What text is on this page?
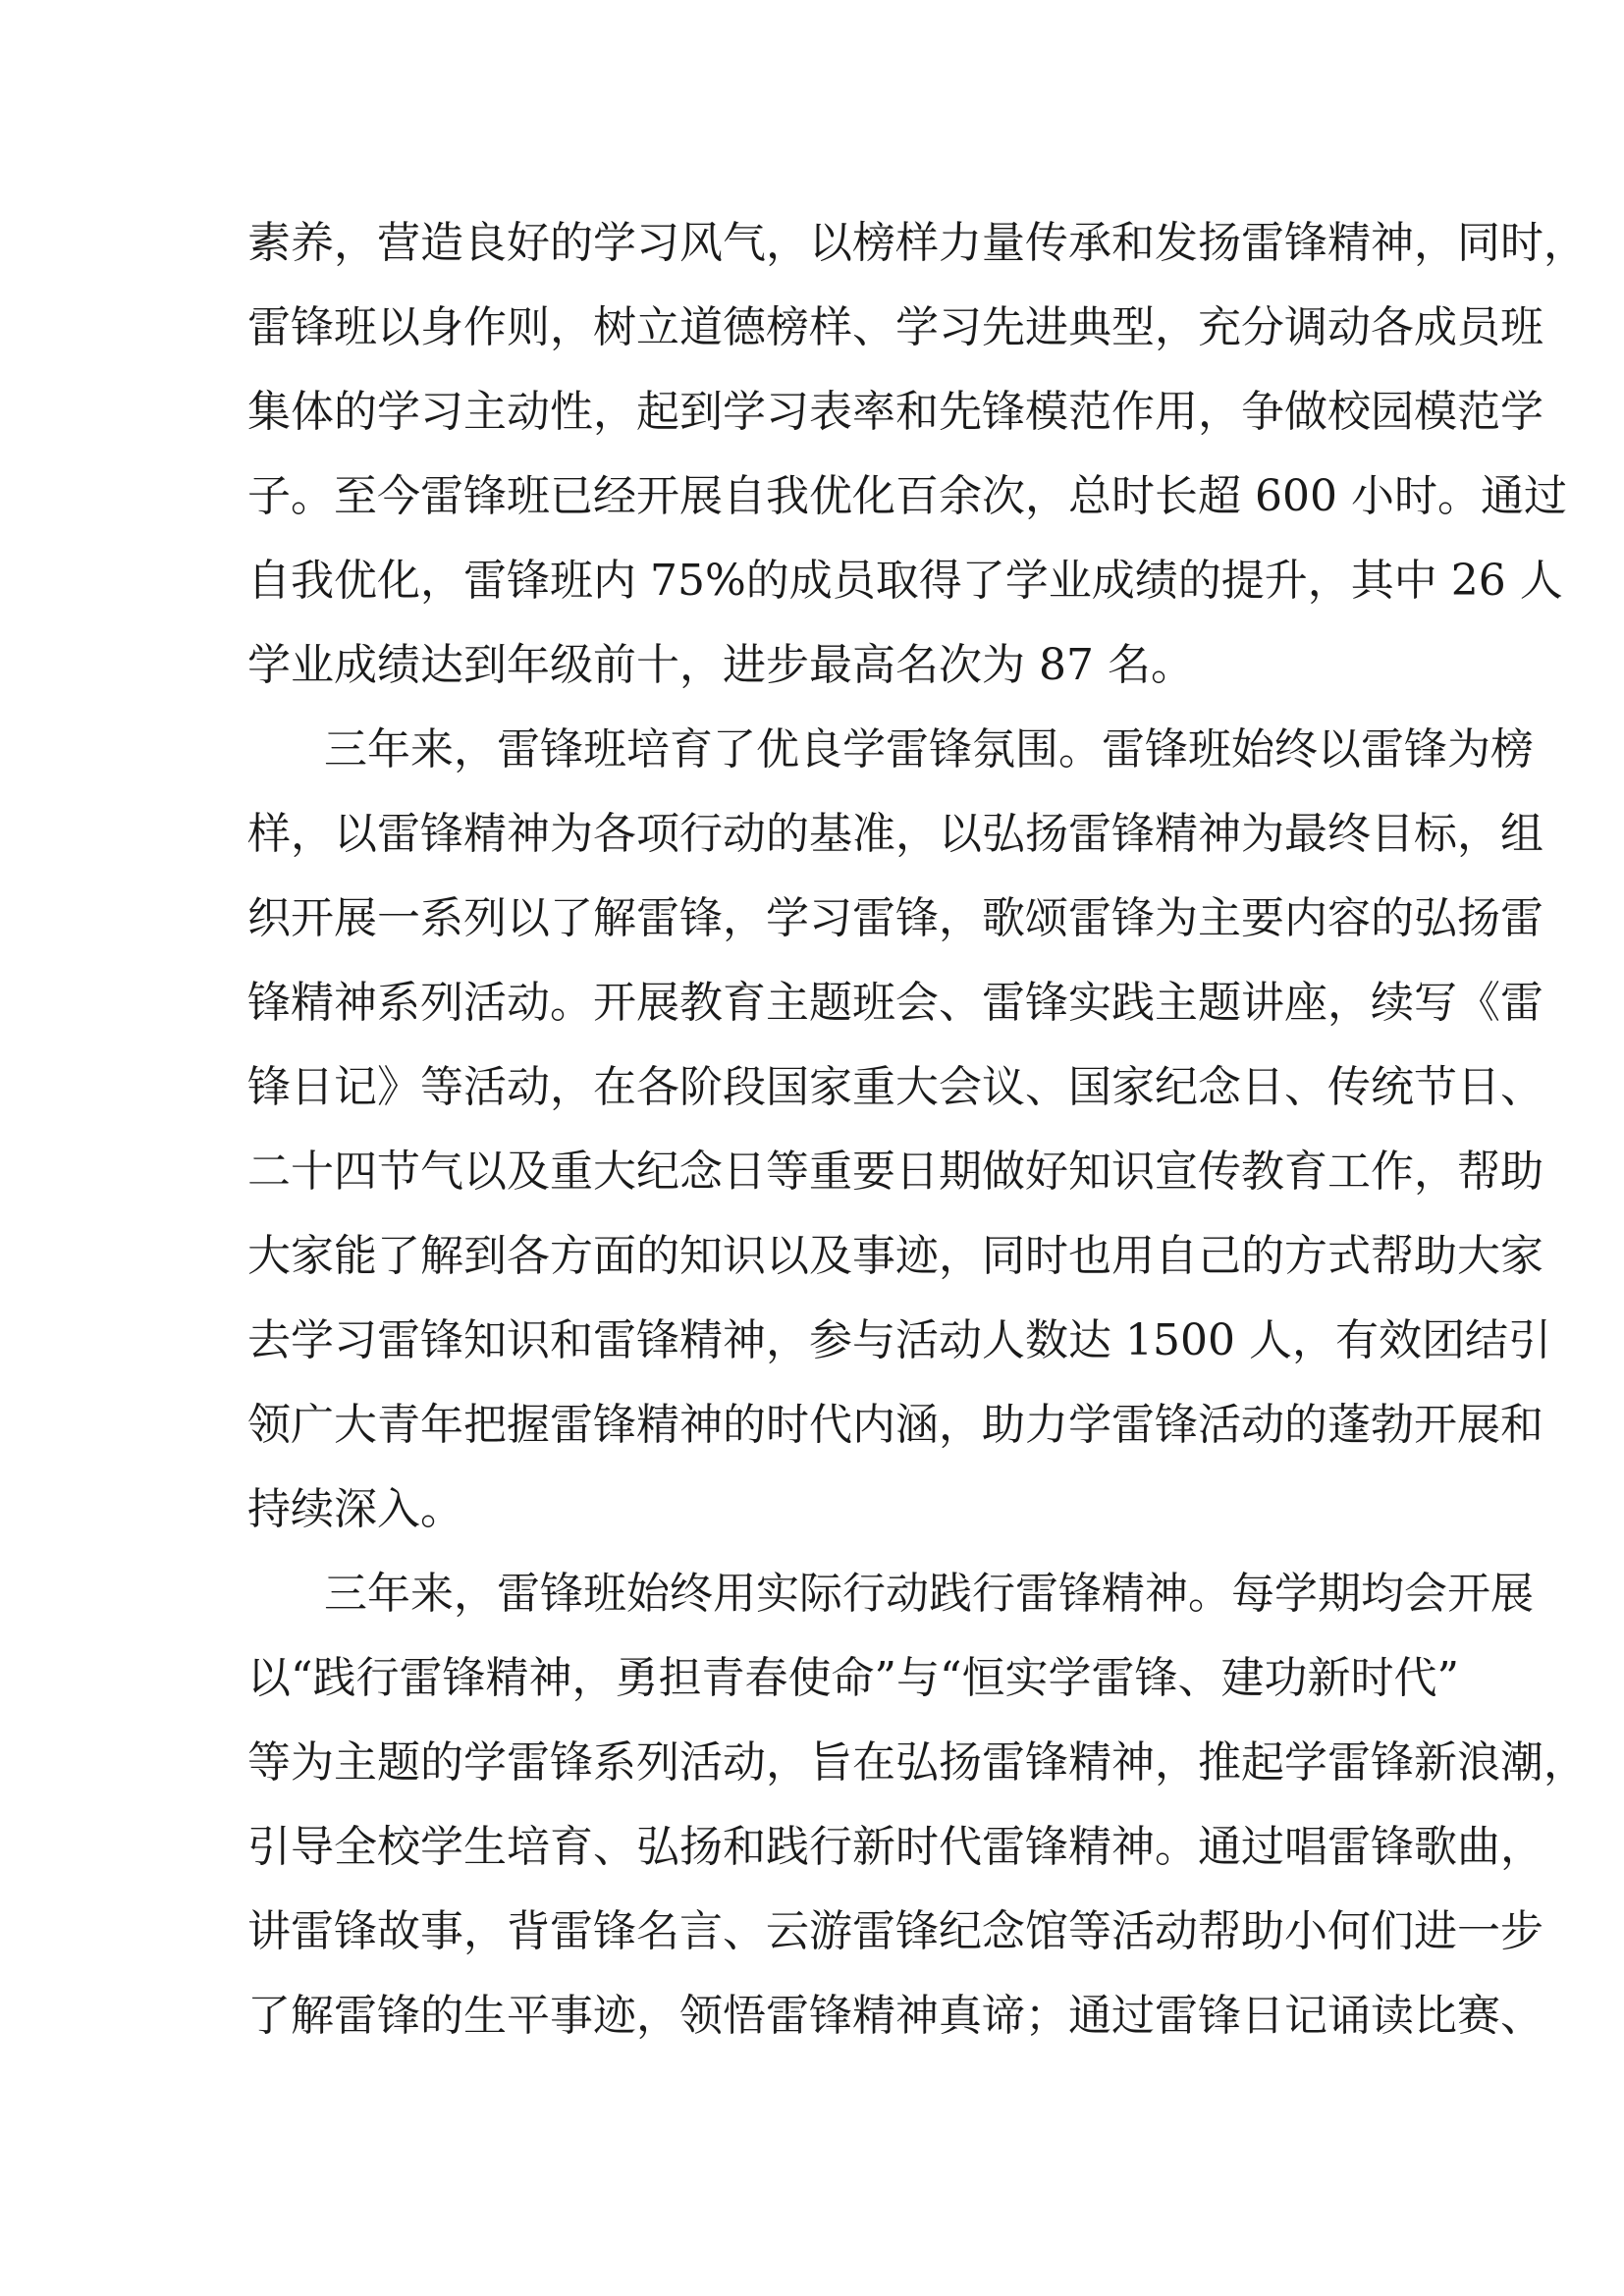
素养，营造良好的学习风气，以榜样力量传承和发扬雷锋精神，同时，
雷锋班以身作则，树立道德榜样、学习先进典型，充分调动各成员班
集体的学习主动性，起到学习表率和先锋模范作用，争做校园模范学
子。至今雷锋班已经开展自我优化百余次，总时长超 600 小时。通过
自我优化，雷锋班内 75%的成员取得了学业成绩的提升，其中 26 人
学业成绩达到年级前十，进步最高名次为 87 名。
三年来，雷锋班培育了优良学雷锋氛围。雷锋班始终以雷锋为榜
样，以雷锋精神为各项行动的基准，以弘扬雷锋精神为最终目标，组
织开展一系列以了解雷锋，学习雷锋，歌颂雷锋为主要内容的弘扬雷
锋精神系列活动。开展教育主题班会、雷锋实践主题讲座，续写《雷
锋日记》等活动，在各阶段国家重大会议、国家纪念日、传统节日、
二十四节气以及重大纪念日等重要日期做好知识宣传教育工作，帮助
大家能了解到各方面的知识以及事迹，同时也用自己的方式帮助大家
去学习雷锋知识和雷锋精神，参与活动人数达 1500 人，有效团结引
领广大青年把握雷锋精神的时代内涵，助力学雷锋活动的蓬勃开展和
持续深入。
三年来，雷锋班始终用实际行动践行雷锋精神。每学期均会开展
以“践行雷锋精神，勇担青春使命”与“恒实学雷锋、建功新时代”
等为主题的学雷锋系列活动，旨在弘扬雷锋精神，推起学雷锋新浪潮，
引导全校学生培育、弘扬和践行新时代雷锋精神。通过唱雷锋歌曲，
讲雷锋故事，背雷锋名言、云游雷锋纪念馆等活动帮助小何们进一步
了解雷锋的生平事迹，领悟雷锋精神真谛；通过雷锋日记诵读比赛、
